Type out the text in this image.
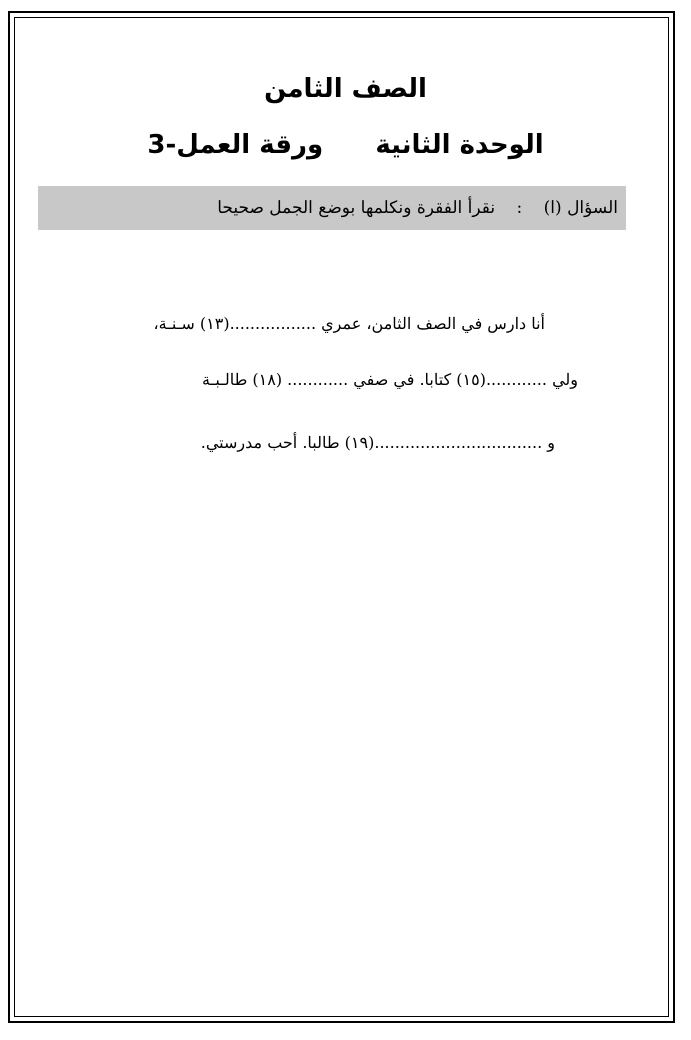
الصف الثامن
الوحدة الثانية  ورقة العمل-3
السؤال (ا) : نقرأ الفقرة ونكلمها بوضع الجمل صحيحا
أنا دارس في الصف الثامن، عمري .................(١٣) سـنـة،
ولي ............(١٥) كتابا. في صفي ............ (١٨) طالـبـة
و .................................(١٩) طالبا. أحب مدرستي.
